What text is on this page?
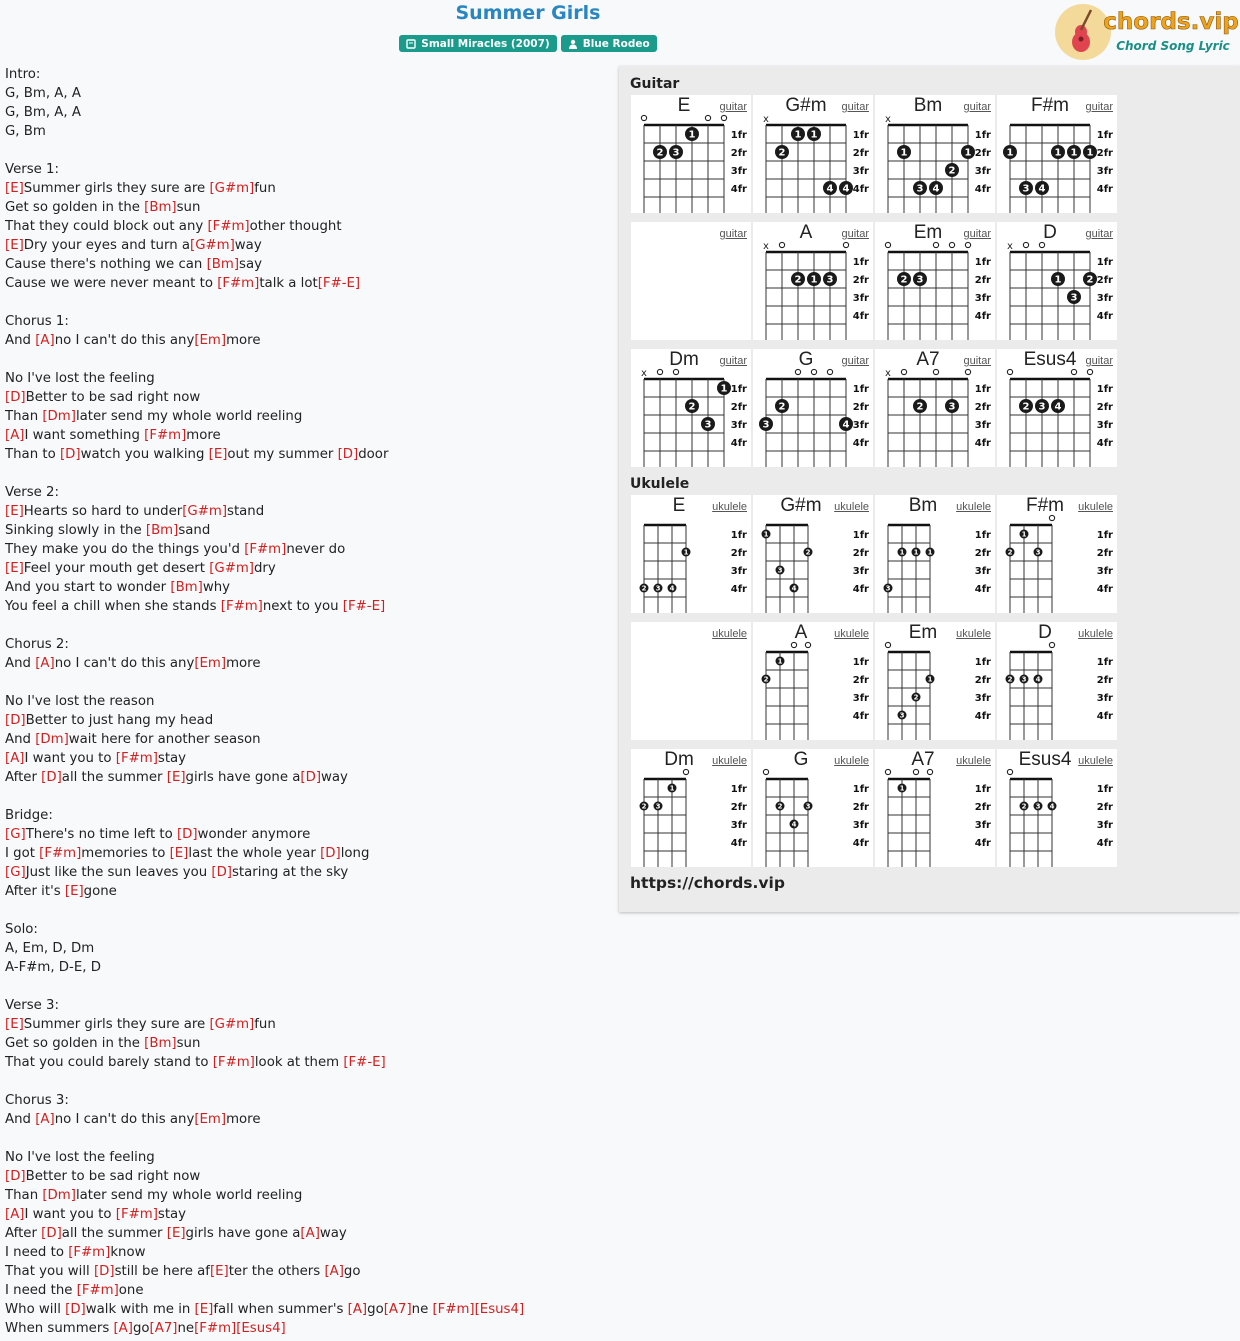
Summer Girls
Small Miracles (2007)
	Blue Rodeo
chords.vip
Chord Song Lyric
Intro:
G, Bm, A, A
G, Bm, A, A
G, Bm
Verse 1:
[E]Summer girls they sure are [G#m]fun
Get so golden in the [Bm]sun
That they could block out any [F#m]other thought
[E]Dry your eyes and turn a[G#m]way
Cause there's nothing we can [Bm]say
Cause we were never meant to [F#m]talk a lot[F#-E]
Chorus 1:
And [A]no I can't do this any[Em]more
No I've lost the feeling
[D]Better to be sad right now
Than [Dm]later send my whole world reeling
[A]I want something [F#m]more
Than to [D]watch you walking [E]out my summer [D]door
Verse 2:
[E]Hearts so hard to under[G#m]stand
Sinking slowly in the [Bm]sand
They make you do the things you'd [F#m]never do
[E]Feel your mouth get desert [G#m]dry
And you start to wonder [Bm]why
You feel a chill when she stands [F#m]next to you [F#-E]
Chorus 2:
And [A]no I can't do this any[Em]more
No I've lost the reason
[D]Better to just hang my head
And [Dm]wait here for another season
[A]I want you to [F#m]stay
After [D]all the summer [E]girls have gone a[D]way
Bridge:
[G]There's no time left to [D]wonder anymore
I got [F#m]memories to [E]last the whole year [D]long
[G]Just like the sun leaves you [D]staring at the sky
After it's [E]gone
Solo:
A, Em, D, Dm
A-F#m, D-E, D
Verse 3:
[E]Summer girls they sure are [G#m]fun
Get so golden in the [Bm]sun
That you could barely stand to [F#m]look at them [F#-E]
Chorus 3:
And [A]no I can't do this any[Em]more
No I've lost the feeling
[D]Better to be sad right now
Than [Dm]later send my whole world reeling
[A]I want you to [F#m]stay
After [D]all the summer [E]girls have gone a[A]way
I need to [F#m]know
That you will [D]still be here af[E]ter the others [A]go
I need the [F#m]one
Who will [D]walk with me in [E]fall when summer's [A]go[A7]ne [F#m][Esus4]
When summers [A]go[A7]ne[F#m][Esus4]
Guitar
1fr
2fr
3fr
4fr
1
2 3
E	guitar
1fr
2fr
3fr
4fr
x
1 1
2
4 4
G#m	guitar
1fr
2fr
3fr
4fr
x
1	1
2
3 4
Bm	guitar
1fr
2fr
3fr
4fr
1	1 1 1
3 4
F#m	guitar
guitar
1fr
2fr
3fr
4fr
x
2 1 3
A	guitar
1fr
2fr
3fr
4fr
2 3
Em	guitar
1fr
2fr
3fr
4fr
x
1	2
3
D	guitar
1fr
2fr
3fr
4fr
x
1
2
3
Dm	guitar
1fr
2fr
3fr
4fr
2
3	4
G	guitar
1fr
2fr
3fr
4fr
x
2	3
A7	guitar
1fr
2fr
3fr
4fr
2 3 4
Esus4 guitar
Ukulele
1fr
2fr
3fr
4fr
1
2 3 4
E	ukulele
1fr
2fr
3fr
4fr
1
2
3
4
G#m	ukulele
1fr
2fr
3fr
4fr
1 1 1
3
Bm	ukulele
1fr
2fr
3fr
4fr
1
2	3
F#m	ukulele
ukulele
1fr
2fr
3fr
4fr
1
2
A	ukulele
1fr
2fr
3fr
4fr
1
2
3
Em	ukulele
1fr
2fr
3fr
4fr
2 3 4
D	ukulele
1fr
2fr
3fr
4fr
1
2 3
Dm	ukulele
1fr
2fr
3fr
4fr
2	3
4
G	ukulele
1fr
2fr
3fr
4fr
1
A7	ukulele
1fr
2fr
3fr
4fr
2 3 4
Esus4 ukulele
https://chords.vip
